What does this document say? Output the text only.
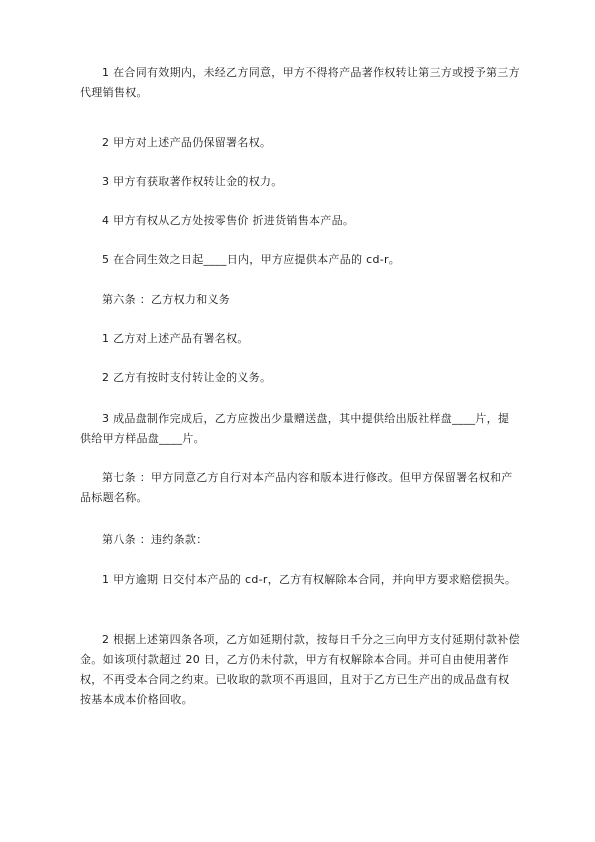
1 在合同有效期内，未经乙方同意，甲方不得将产品著作权转让第三方或授予第三方代理销售权。

2 甲方对上述产品仍保留署名权。

3 甲方有获取著作权转让金的权力。

4 甲方有权从乙方处按零售价 折进货销售本产品。

5 在合同生效之日起____日内，甲方应提供本产品的 cd-r。

第六条 ：乙方权力和义务

1 乙方对上述产品有署名权。

2 乙方有按时支付转让金的义务。

3 成品盘制作完成后，乙方应拨出少量赠送盘，其中提供给出版社样盘____片，提供给甲方样品盘____片。

第七条 ：甲方同意乙方自行对本产品内容和版本进行修改。但甲方保留署名权和产品标题名称。

第八条 ：违约条款：

1 甲方逾期 日交付本产品的 cd-r，乙方有权解除本合同，并向甲方要求赔偿损失。

2 根据上述第四条各项，乙方如延期付款，按每日千分之三向甲方支付延期付款补偿金。如该项付款超过 20 日，乙方仍未付款，甲方有权解除本合同。并可自由使用著作权，不再受本合同之约束。已收取的款项不再退回，且对于乙方已生产出的成品盘有权按基本成本价格回收。
